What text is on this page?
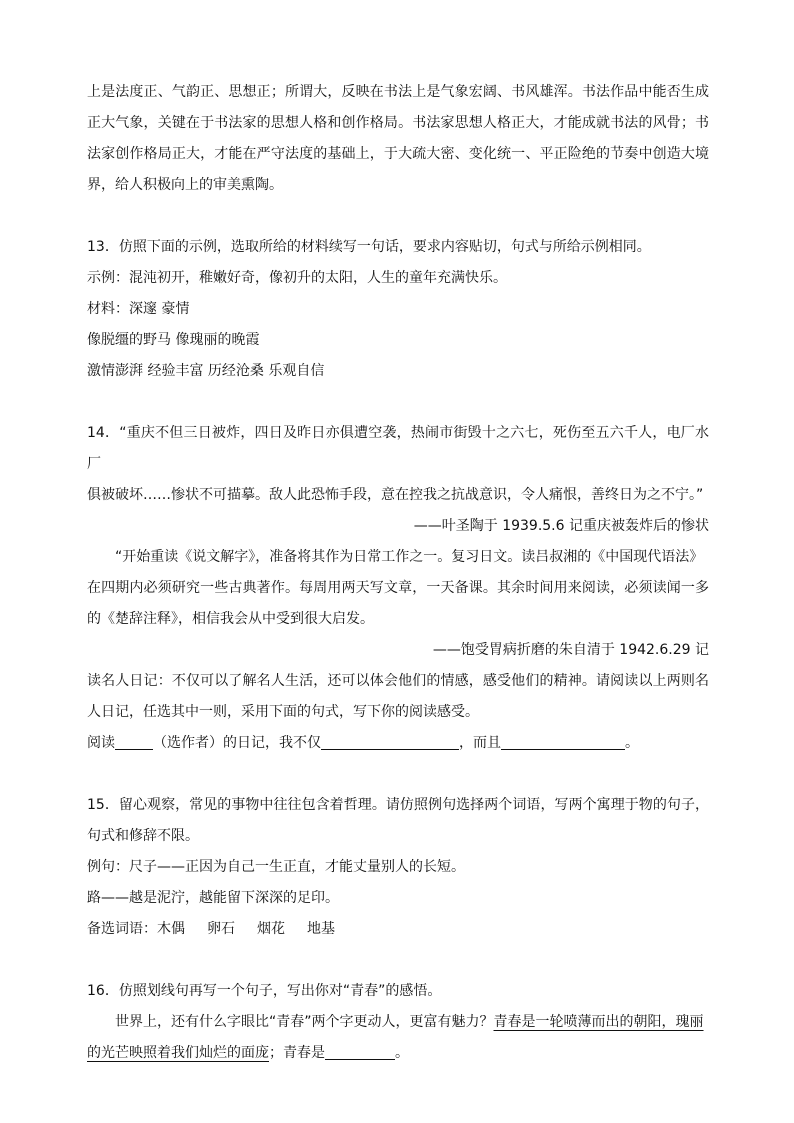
上是法度正、气韵正、思想正；所谓大，反映在书法上是气象宏阔、书风雄浑。书法作品中能否生成
正大气象，关键在于书法家的思想人格和创作格局。书法家思想人格正大，才能成就书法的风骨；书
法家创作格局正大，才能在严守法度的基础上，于大疏大密、变化统一、平正险绝的节奏中创造大境
界，给人积极向上的审美熏陶。
13．仿照下面的示例，选取所给的材料续写一句话，要求内容贴切，句式与所给示例相同。
示例：混沌初开，稚嫩好奇，像初升的太阳，人生的童年充满快乐。
材料：深邃 豪情
像脱缰的野马 像瑰丽的晚霞
激情澎湃 经验丰富 历经沧桑 乐观自信
14．“重庆不但三日被炸，四日及昨日亦俱遭空袭，热闹市街毁十之六七，死伤至五六千人，电厂水厂
俱被破坏……惨状不可描摹。敌人此恐怖手段，意在控我之抗战意识，令人痛恨，善终日为之不宁。”
——叶圣陶于 1939.5.6 记重庆被轰炸后的惨状
“开始重读《说文解字》，准备将其作为日常工作之一。复习日文。读吕叔湘的《中国现代语法》
在四期内必须研究一些古典著作。每周用两天写文章，一天备课。其余时间用来阅读，必须读闻一多
的《楚辞注释》，相信我会从中受到很大启发。
——饱受胃病折磨的朱自清于 1942.6.29 记
读名人日记：不仅可以了解名人生活，还可以体会他们的情感，感受他们的精神。请阅读以上两则名
人日记，任选其中一则，采用下面的句式，写下你的阅读感受。
阅读	（选作者）的日记，我不仅	，而且	。
15．留心观察，常见的事物中往往包含着哲理。请仿照例句选择两个词语，写两个寓理于物的句子，
句式和修辞不限。
例句：尺子——正因为自己一生正直，才能丈量别人的长短。
路——越是泥泞，越能留下深深的足印。
备选词语：木偶 卵石 烟花 地基
16．仿照划线句再写一个句子，写出你对“青春”的感悟。
世界上，还有什么字眼比“青春”两个字更动人，更富有魅力？青春是一轮喷薄而出的朝阳，瑰丽
的光芒映照着我们灿烂的面庞；青春是	。
